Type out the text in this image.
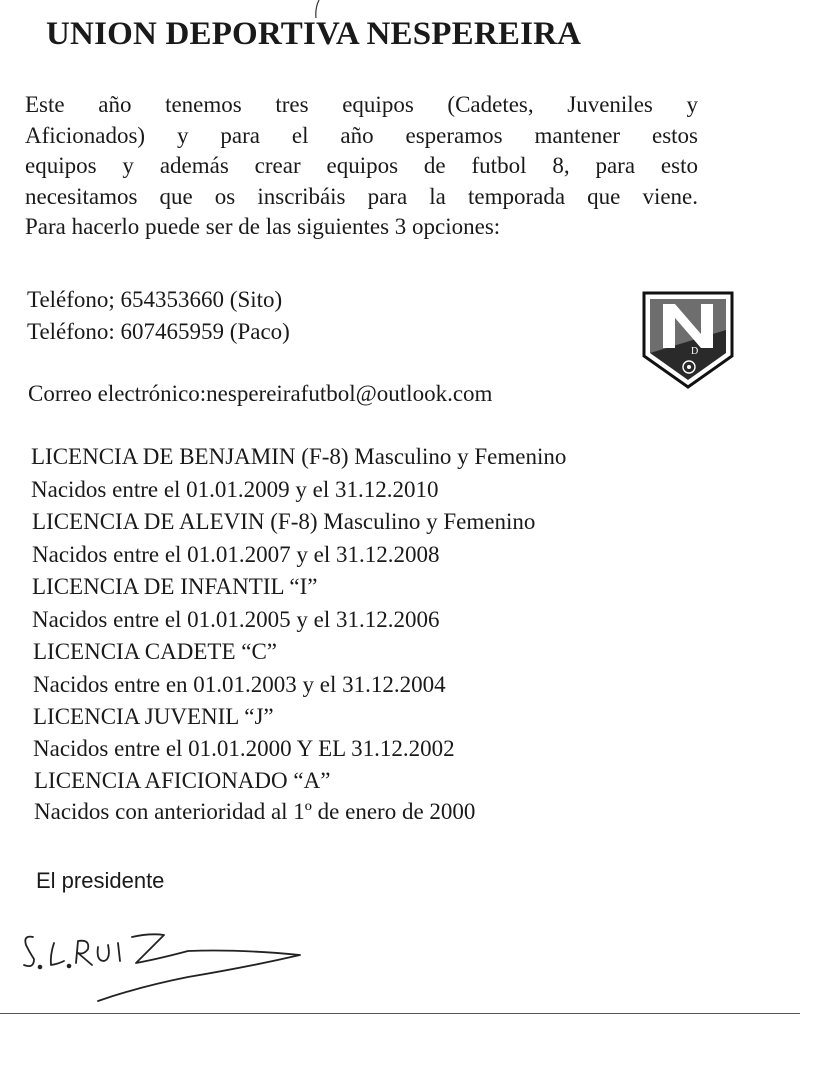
UNION DEPORTIVA NESPEREIRA
Este año tenemos tres equipos (Cadetes, Juveniles y
Aficionados) y para el año esperamos mantener estos
equipos y además crear equipos de futbol 8, para esto
necesitamos que os inscribáis para la temporada que viene.
Para hacerlo puede ser de las siguientes 3 opciones:
Teléfono; 654353660 (Sito)
Teléfono: 607465959 (Paco)
Correo electrónico:nespereirafutbol@outlook.com
D
LICENCIA DE BENJAMIN (F-8) Masculino y Femenino
Nacidos entre el 01.01.2009 y el 31.12.2010
LICENCIA DE ALEVIN (F-8) Masculino y Femenino
Nacidos entre el 01.01.2007 y el 31.12.2008
LICENCIA DE INFANTIL “I”
Nacidos entre el 01.01.2005 y el 31.12.2006
LICENCIA CADETE “C”
Nacidos entre en 01.01.2003 y el 31.12.2004
LICENCIA JUVENIL “J”
Nacidos entre el 01.01.2000 Y EL 31.12.2002
LICENCIA AFICIONADO “A”
Nacidos con anterioridad al 1º de enero de 2000
El presidente
